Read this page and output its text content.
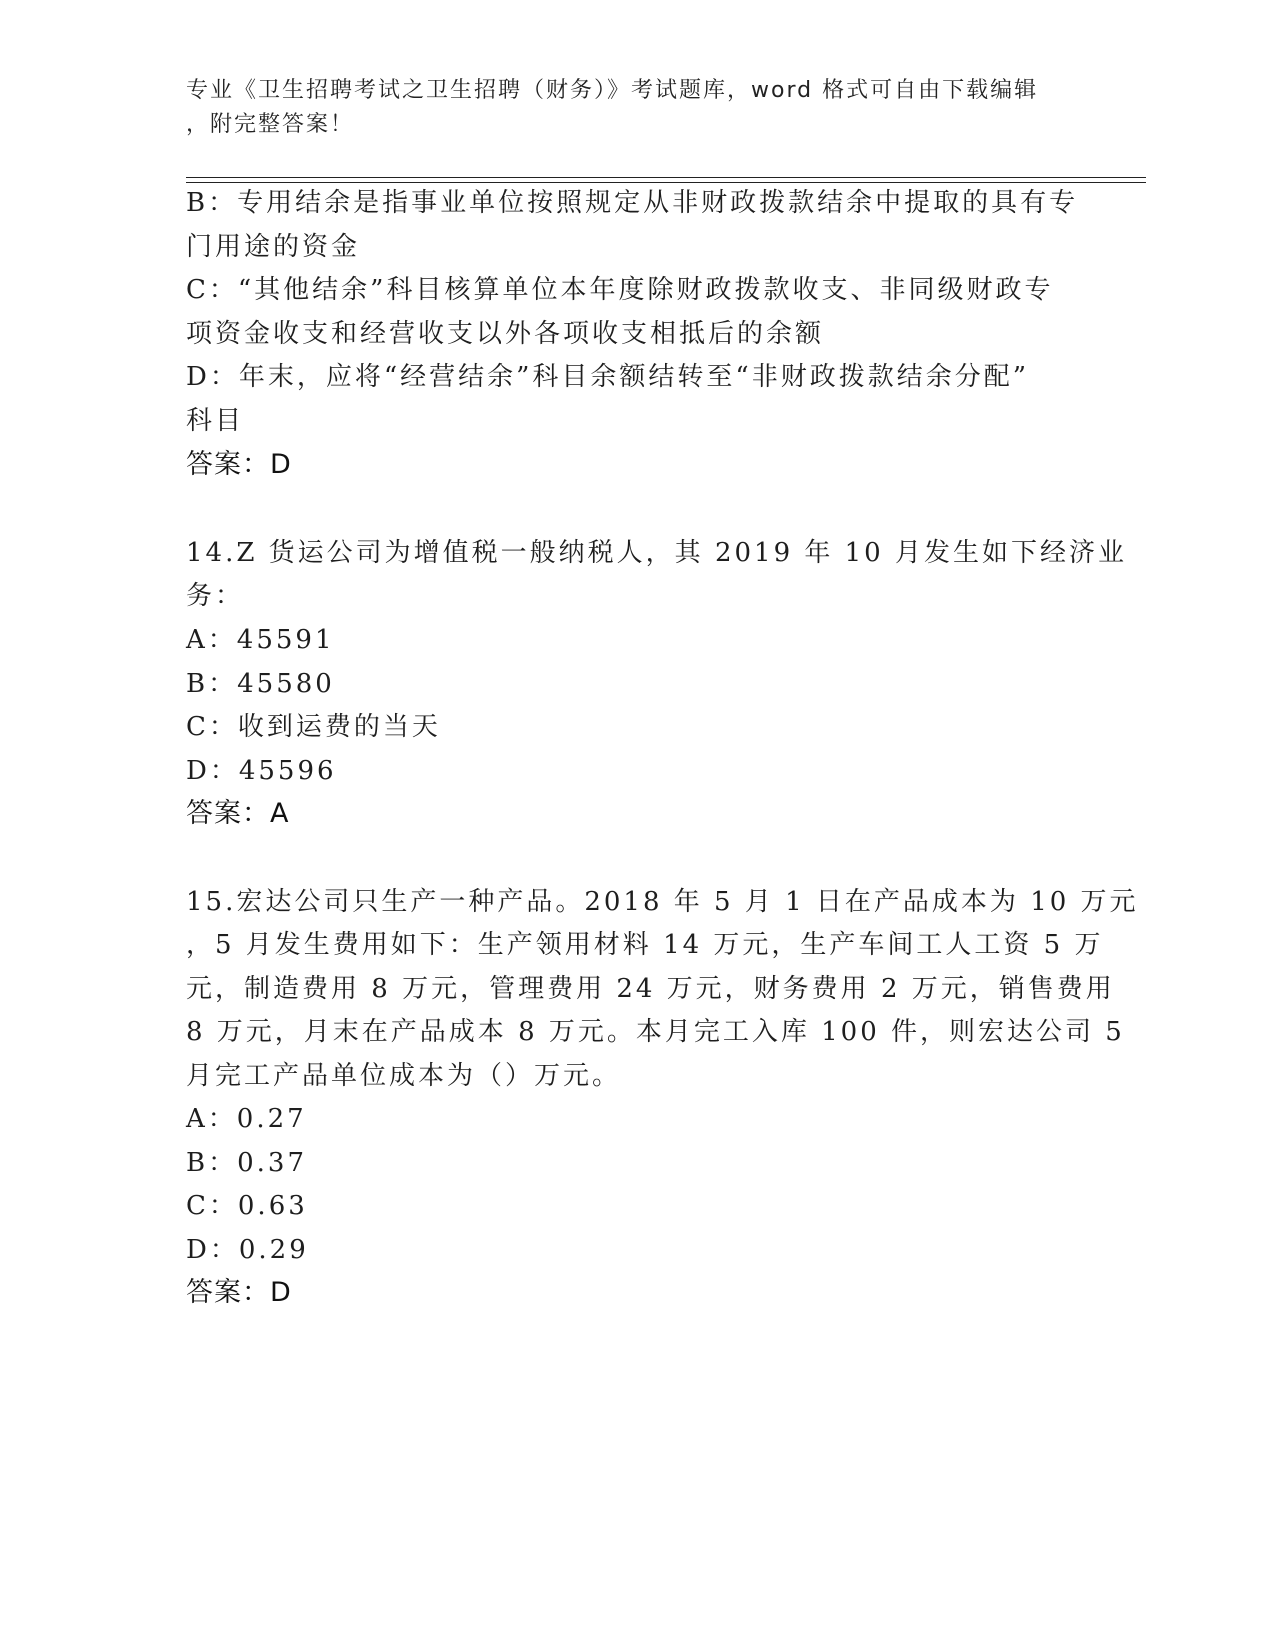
专业《卫生招聘考试之卫生招聘（财务）》考试题库，word 格式可自由下载编辑
，附完整答案！
B：专用结余是指事业单位按照规定从非财政拨款结余中提取的具有专
门用途的资金
C：“其他结余”科目核算单位本年度除财政拨款收支、非同级财政专
项资金收支和经营收支以外各项收支相抵后的余额
D：年末，应将“经营结余”科目余额结转至“非财政拨款结余分配”
科目
答案：D
14.Z 货运公司为增值税一般纳税人，其 2019 年 10 月发生如下经济业
务：
A：45591
B：45580
C：收到运费的当天
D：45596
答案：A
15.宏达公司只生产一种产品。2018 年 5 月 1 日在产品成本为 10 万元
，5 月发生费用如下：生产领用材料 14 万元，生产车间工人工资 5 万
元，制造费用 8 万元，管理费用 24 万元，财务费用 2 万元，销售费用
8 万元，月末在产品成本 8 万元。本月完工入库 100 件，则宏达公司 5
月完工产品单位成本为（）万元。
A：0.27
B：0.37
C：0.63
D：0.29
答案：D
